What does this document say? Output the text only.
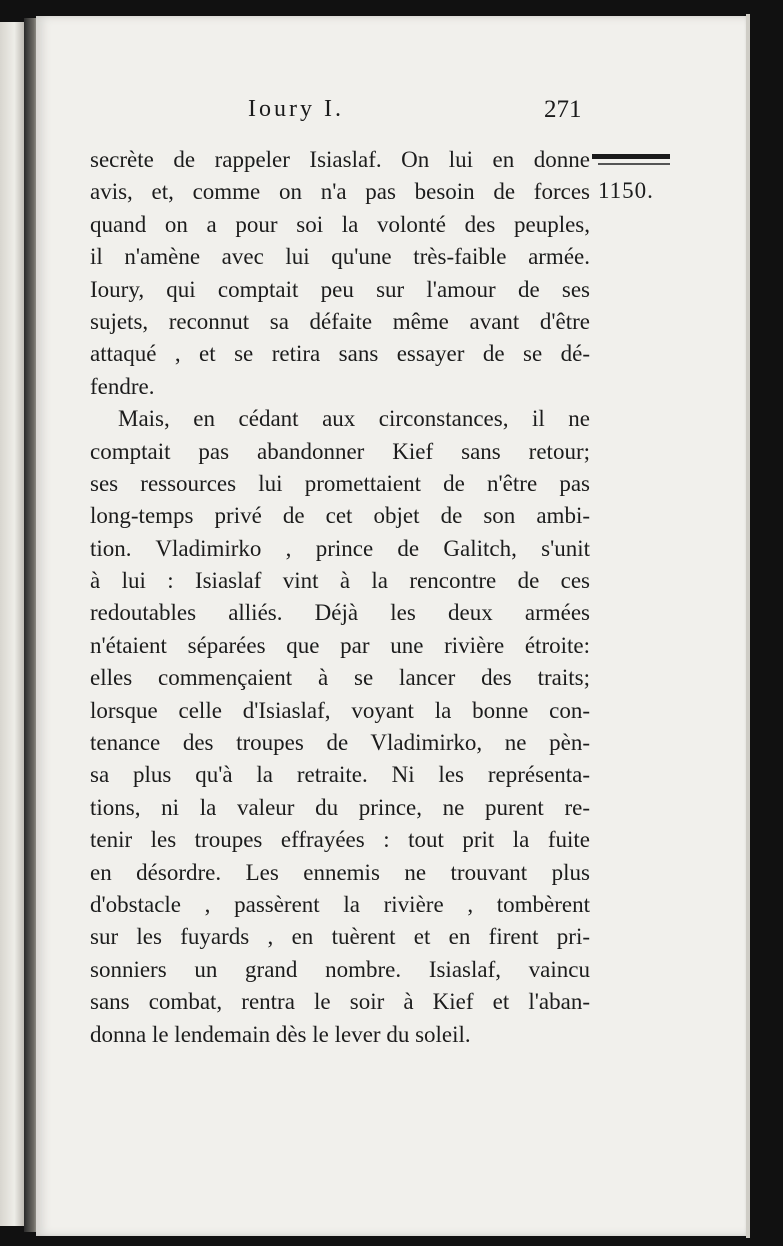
Ioury I.	271
1150.
secrète de rappeler Isiaslaf. On lui en donne
avis, et, comme on n'a pas besoin de forces
quand on a pour soi la volonté des peuples,
il n'amène avec lui qu'une très-faible armée.
Ioury, qui comptait peu sur l'amour de ses
sujets, reconnut sa défaite même avant d'être
attaqué , et se retira sans essayer de se dé-
fendre.
Mais, en cédant aux circonstances, il ne
comptait pas abandonner Kief sans retour;
ses ressources lui promettaient de n'être pas
long-temps privé de cet objet de son ambi-
tion. Vladimirko , prince de Galitch, s'unit
à lui : Isiaslaf vint à la rencontre de ces
redoutables alliés. Déjà les deux armées
n'étaient séparées que par une rivière étroite:
elles commençaient à se lancer des traits;
lorsque celle d'Isiaslaf, voyant la bonne con-
tenance des troupes de Vladimirko, ne pèn-
sa plus qu'à la retraite. Ni les représenta-
tions, ni la valeur du prince, ne purent re-
tenir les troupes effrayées : tout prit la fuite
en désordre. Les ennemis ne trouvant plus
d'obstacle , passèrent la rivière , tombèrent
sur les fuyards , en tuèrent et en firent pri-
sonniers un grand nombre. Isiaslaf, vaincu
sans combat, rentra le soir à Kief et l'aban-
donna le lendemain dès le lever du soleil.
